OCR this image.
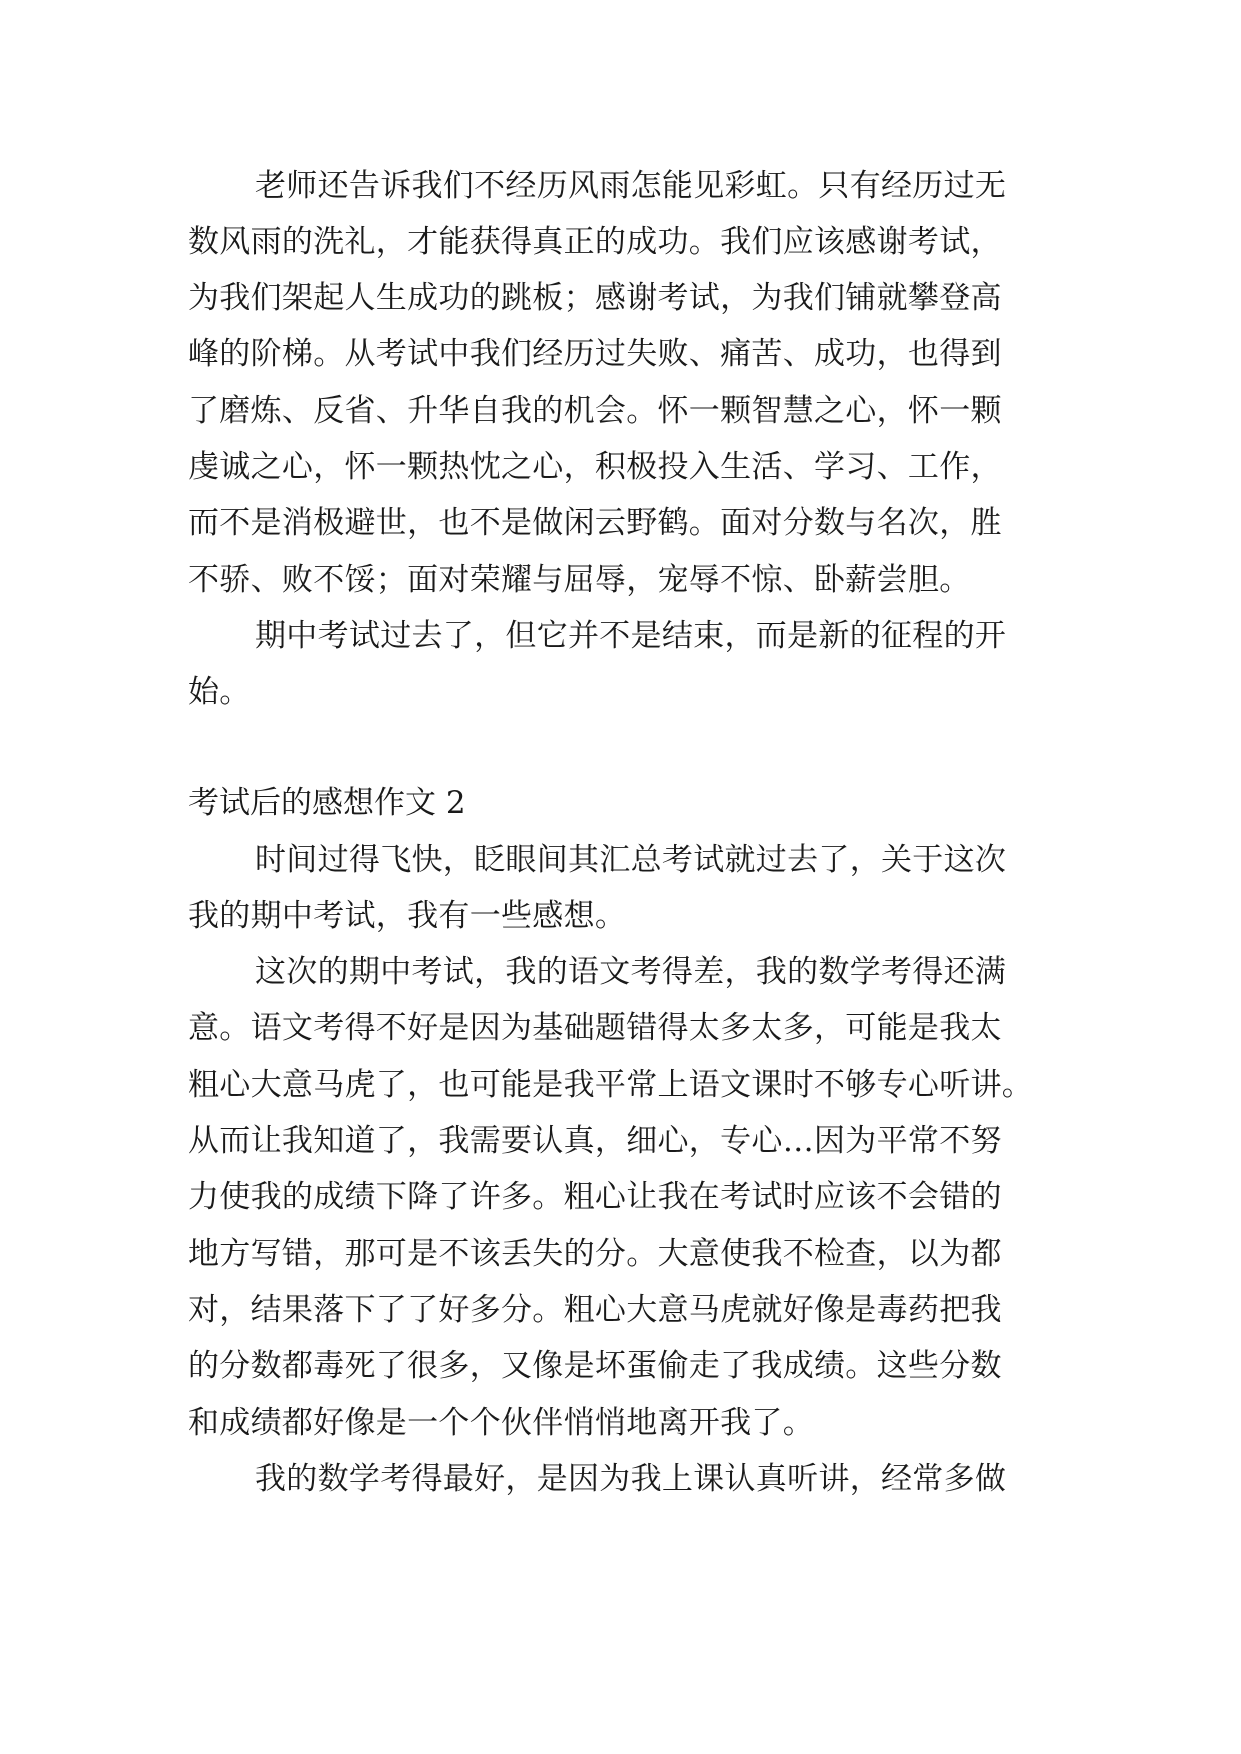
老师还告诉我们不经历风雨怎能见彩虹。只有经历过无
数风雨的洗礼，才能获得真正的成功。我们应该感谢考试，
为我们架起人生成功的跳板；感谢考试，为我们铺就攀登高
峰的阶梯。从考试中我们经历过失败、痛苦、成功，也得到
了磨炼、反省、升华自我的机会。怀一颗智慧之心，怀一颗
虔诚之心，怀一颗热忱之心，积极投入生活、学习、工作，
而不是消极避世，也不是做闲云野鹤。面对分数与名次，胜
不骄、败不馁；面对荣耀与屈辱，宠辱不惊、卧薪尝胆。
期中考试过去了，但它并不是结束，而是新的征程的开
始。
考试后的感想作文 2
时间过得飞快，眨眼间其汇总考试就过去了，关于这次
我的期中考试，我有一些感想。
这次的期中考试，我的语文考得差，我的数学考得还满
意。语文考得不好是因为基础题错得太多太多，可能是我太
粗心大意马虎了，也可能是我平常上语文课时不够专心听讲。
从而让我知道了，我需要认真，细心，专心…因为平常不努
力使我的成绩下降了许多。粗心让我在考试时应该不会错的
地方写错，那可是不该丢失的分。大意使我不检查，以为都
对，结果落下了了好多分。粗心大意马虎就好像是毒药把我
的分数都毒死了很多，又像是坏蛋偷走了我成绩。这些分数
和成绩都好像是一个个伙伴悄悄地离开我了。
我的数学考得最好，是因为我上课认真听讲，经常多做
